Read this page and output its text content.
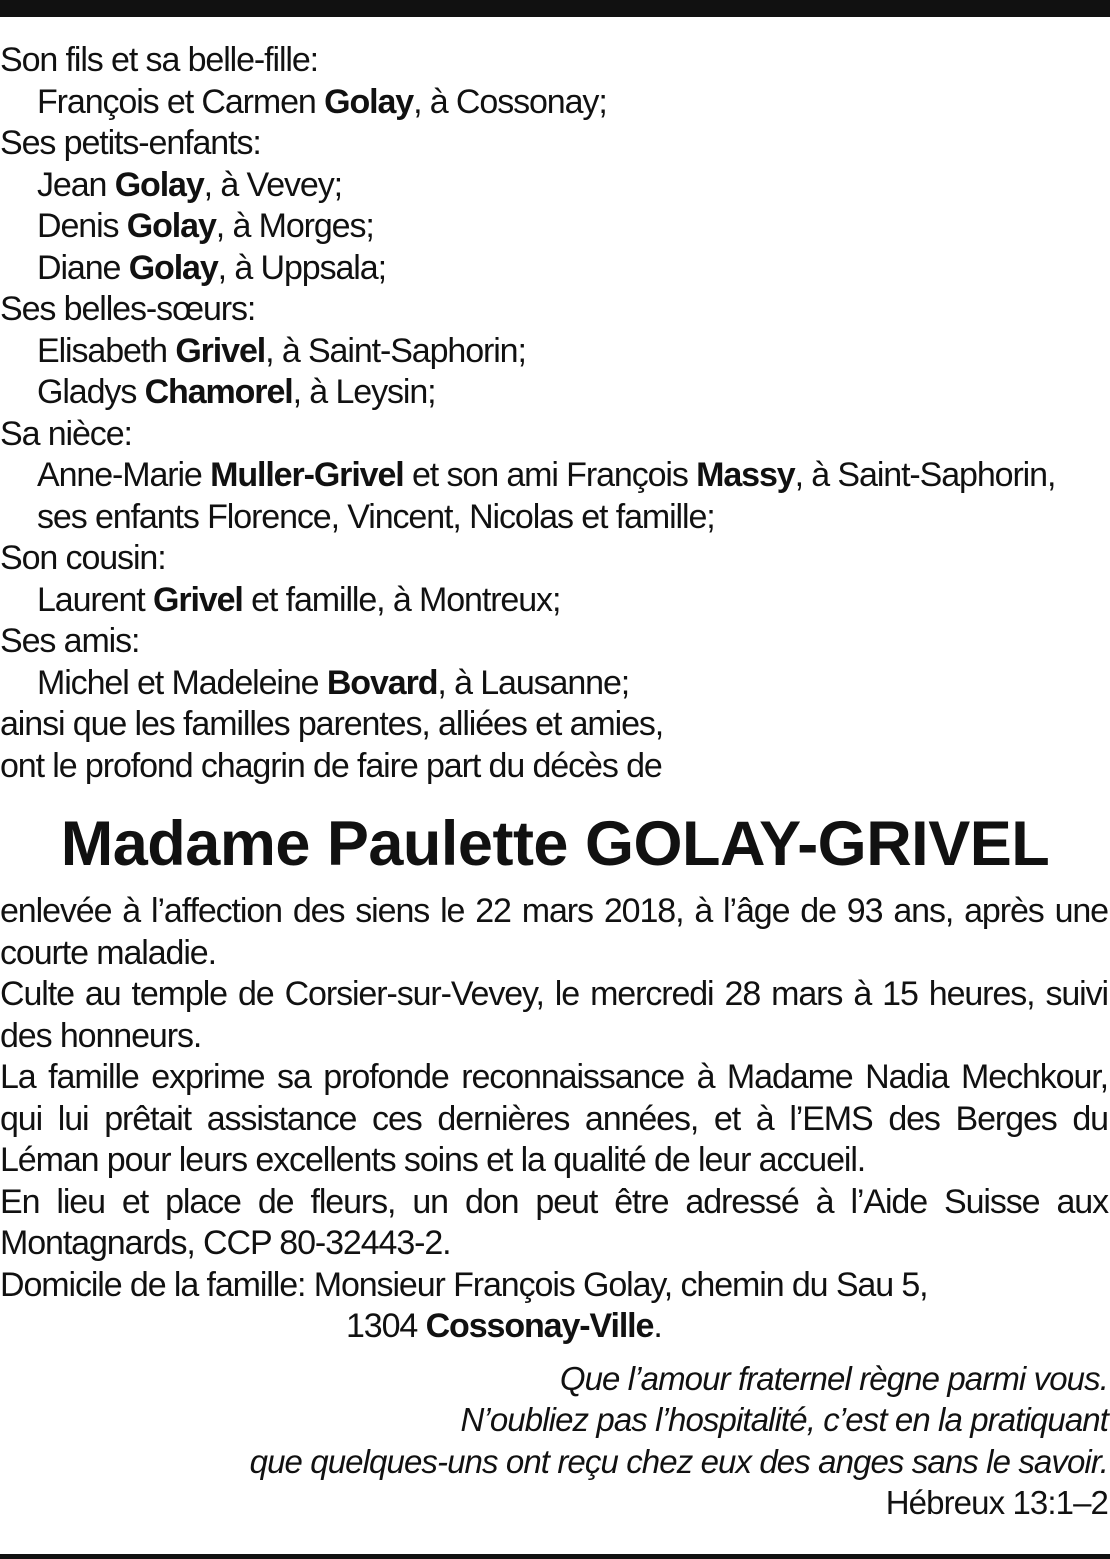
Son fils et sa belle-fille:
François et Carmen Golay, à Cossonay;
Ses petits-enfants:
Jean Golay, à Vevey;
Denis Golay, à Morges;
Diane Golay, à Uppsala;
Ses belles-sœurs:
Elisabeth Grivel, à Saint-Saphorin;
Gladys Chamorel, à Leysin;
Sa nièce:
Anne-Marie Muller-Grivel et son ami François Massy, à Saint-Saphorin,
ses enfants Florence, Vincent, Nicolas et famille;
Son cousin:
Laurent Grivel et famille, à Montreux;
Ses amis:
Michel et Madeleine Bovard, à Lausanne;
ainsi que les familles parentes, alliées et amies,
ont le profond chagrin de faire part du décès de
Madame Paulette GOLAY-GRIVEL
enlevée à l’affection des siens le 22 mars 2018, à l’âge de 93 ans, après une courte maladie.
Culte au temple de Corsier-sur-Vevey, le mercredi 28 mars à 15 heures, suivi des honneurs.
La famille exprime sa profonde reconnaissance à Madame Nadia Mechkour, qui lui prêtait assistance ces dernières années, et à l’EMS des Berges du Léman pour leurs excellents soins et la qualité de leur accueil.
En lieu et place de fleurs, un don peut être adressé à l’Aide Suisse aux Montagnards, CCP 80-32443-2.
Domicile de la famille: Monsieur François Golay, chemin du Sau 5,
1304 Cossonay-Ville.
Que l’amour fraternel règne parmi vous.
N’oubliez pas l’hospitalité, c’est en la pratiquant
que quelques-uns ont reçu chez eux des anges sans le savoir.
Hébreux 13:1–2
